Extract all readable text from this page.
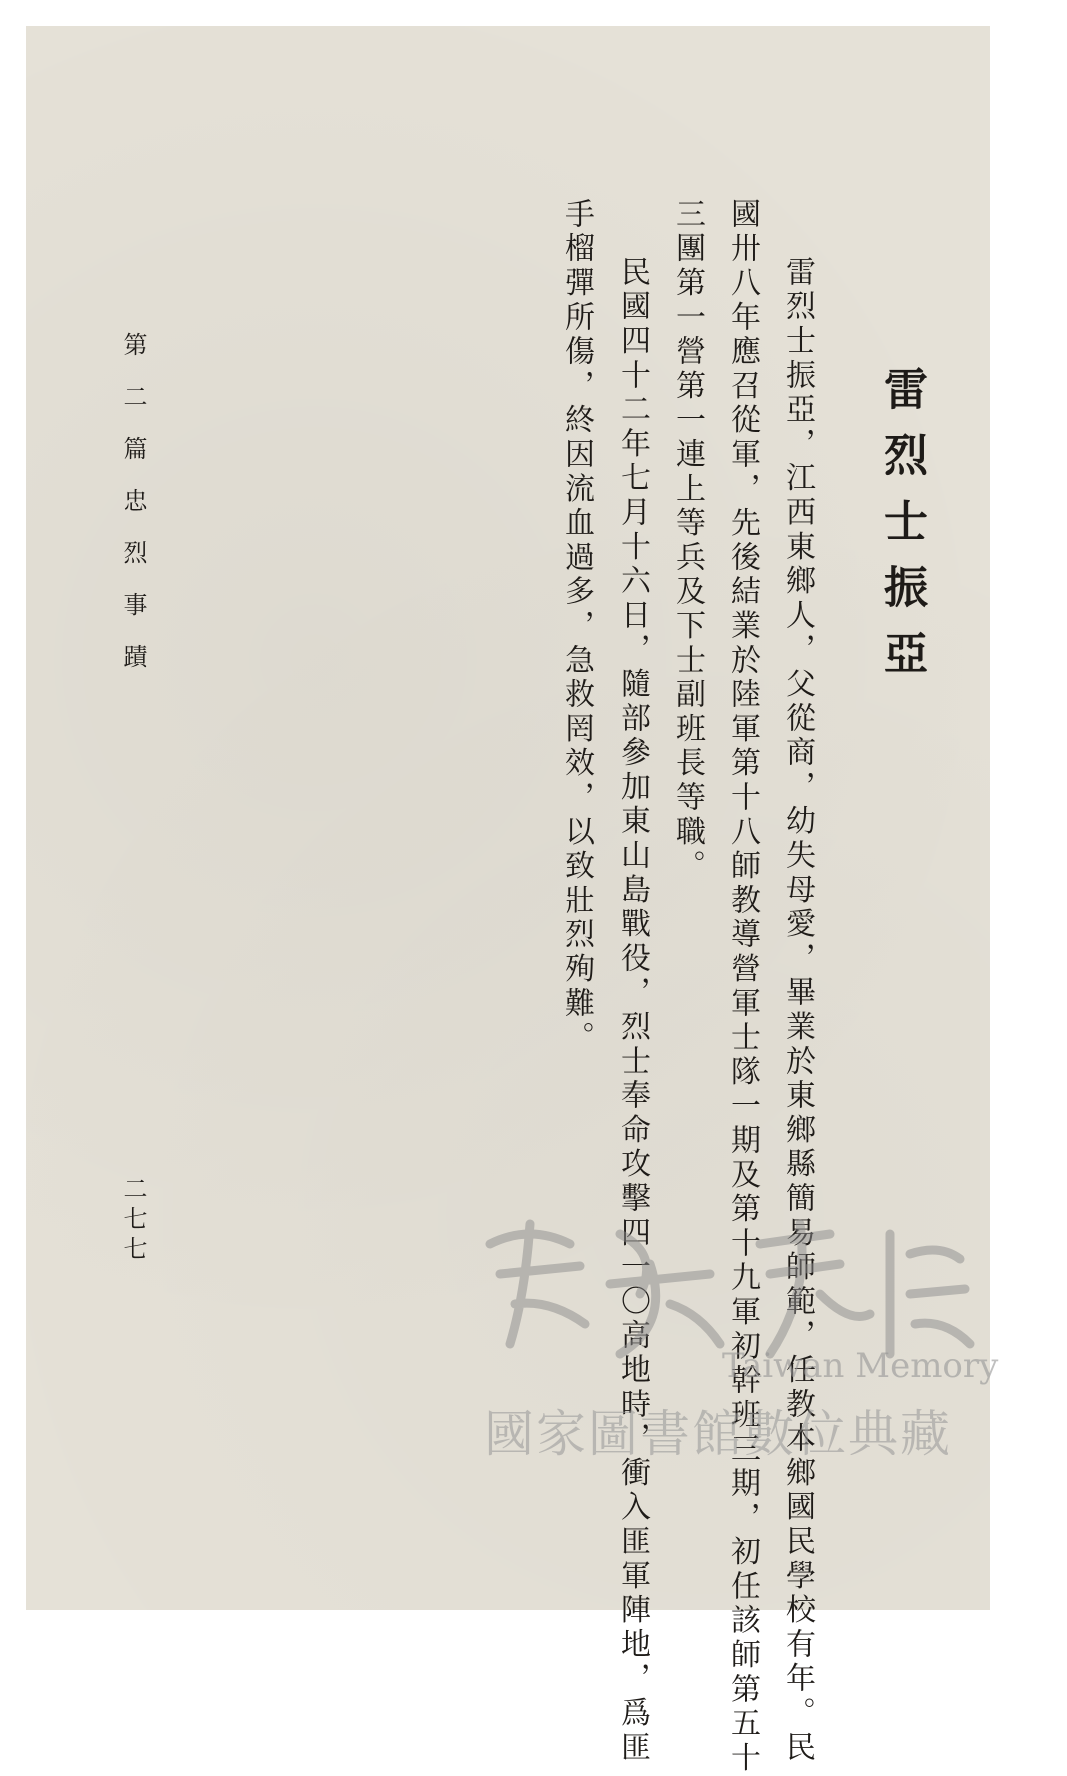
雷烈士振亞
雷烈士振亞，江西東鄉人，父從商，幼失母愛，畢業於東鄉縣簡易師範，任教本鄉國民學校有年。民
國卅八年應召從軍，先後結業於陸軍第十八師教導營軍士隊一期及第十九軍初幹班三期，初任該師第五十
三團第一營第一連上等兵及下士副班長等職。
民國四十二年七月十六日，隨部參加東山島戰役，烈士奉命攻擊四一〇高地時，衝入匪軍陣地，爲匪
手榴彈所傷，終因流血過多，急救罔效，以致壯烈殉難。
第二篇忠烈事蹟
二七七
Taiwan Memory
國家圖書館數位典藏
